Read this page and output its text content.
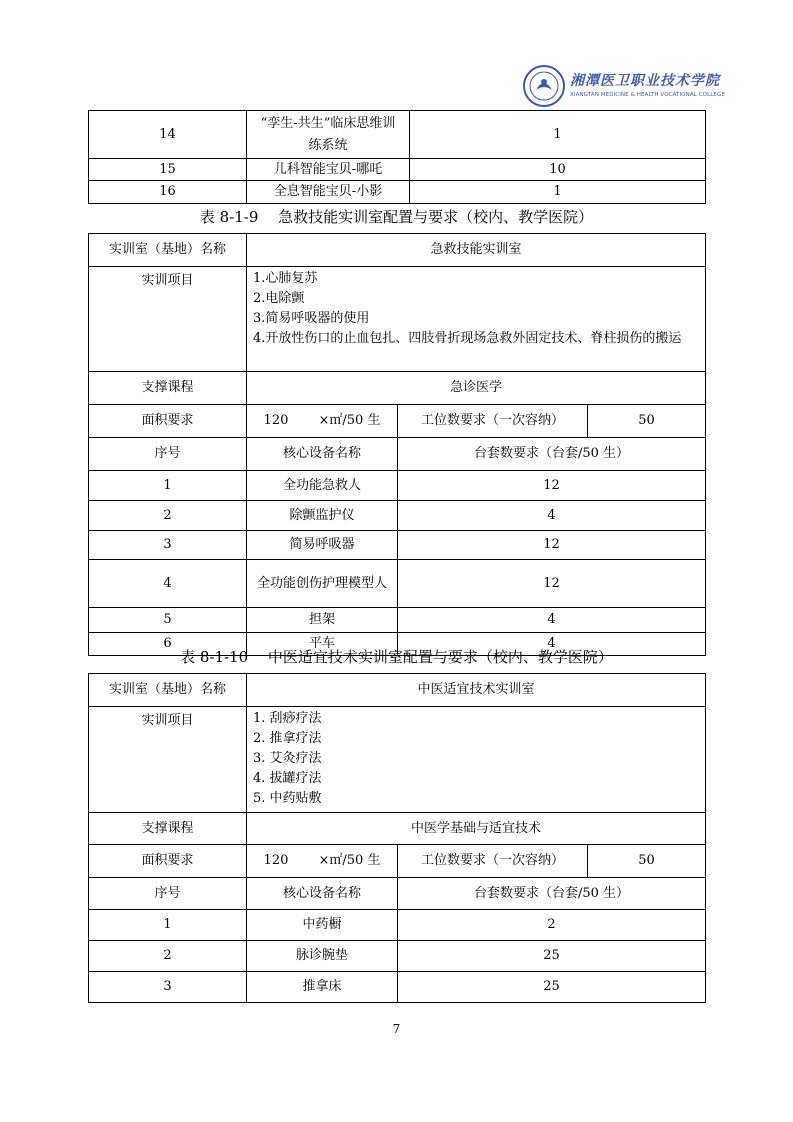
湘潭医卫职业技术学院
XIANGTAN MEDICINE & HEALTH VOCATIONAL COLLEGE
14	“孪生-共生”临床思维训练系统	1
15	儿科智能宝贝-哪吒	10
16	全息智能宝贝-小影	1
表 8-1-9　 急救技能实训室配置与要求（校内、教学医院）
实训室（基地）名称	急救技能实训室		
实训项目	1.心肺复苏
2.电除颤
3.简易呼吸器的使用
4.开放性伤口的止血包扎、四肢骨折现场急救外固定技术、脊柱损伤的搬运		

支撑课程	急诊医学		
面积要求	120　　 ×㎡/50 生	工位数要求（一次容纳）	50
序号	核心设备名称	台套数要求（台套/50 生）	
1	全功能急救人	12	
2	除颤监护仪	4	
3	简易呼吸器	12	
4	全功能创伤护理模型人	12	
5	担架	4	
6	平车	4	
表 8-1-10　 中医适宜技术实训室配置与要求（校内、教学医院）
实训室（基地）名称	中医适宜技术实训室		
实训项目	1. 刮痧疗法
2. 推拿疗法
3. 艾灸疗法
4. 拔罐疗法
5. 中药贴敷		

支撑课程	中医学基础与适宜技术		
面积要求	120　　 ×㎡/50 生	工位数要求（一次容纳）	50
序号	核心设备名称	台套数要求（台套/50 生）	
1	中药橱	2	
2	脉诊腕垫	25	
3	推拿床	25	
7
